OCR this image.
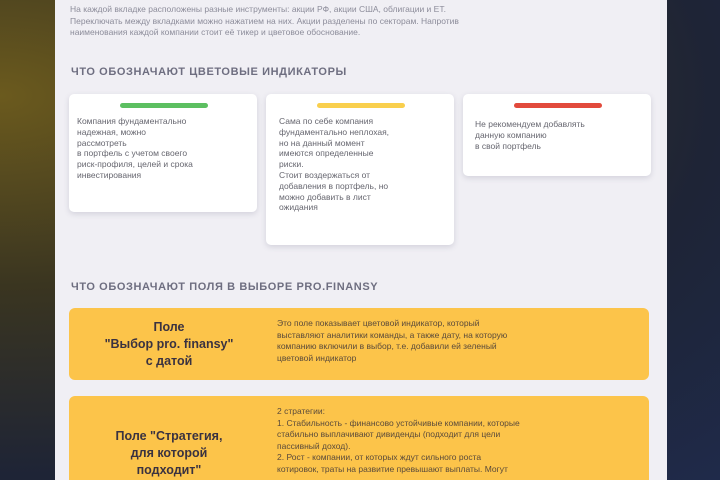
На каждой вкладке расположены разные инструменты: акции РФ, акции США, облигации и ЕТ.
Переключать между вкладками можно нажатием на них. Акции разделены по секторам. Напротив
наименования каждой компании стоит её тикер и цветовое обоснование.
ЧТО ОБОЗНАЧАЮТ ЦВЕТОВЫЕ ИНДИКАТОРЫ
Компания фундаментально
надежная, можно
рассмотреть
в портфель с учетом своего
риск-профиля, целей и срока
инвестирования
Сама по себе компания
фундаментально неплохая,
но на данный момент
имеются определенные
риски.
Стоит воздержаться от
добавления в портфель, но
можно добавить в лист
ожидания
Не рекомендуем добавлять
данную компанию
в свой портфель
ЧТО ОБОЗНАЧАЮТ ПОЛЯ В ВЫБОРЕ PRO.FINANSY
Поле
"Выбор pro. finansy"
с датой
Это поле показывает цветовой индикатор, который
выставляют аналитики команды, а также дату, на которую
компанию включили в выбор, т.е. добавили ей зеленый
цветовой индикатор
Поле "Стратегия,
для которой
подходит"
2 стратегии:
1. Стабильность - финансово устойчивые компании, которые
стабильно выплачивают дивиденды (подходит для цели
пассивный доход).
2. Рост - компании, от которых ждут сильного роста
котировок, траты на развитие превышают выплаты. Могут
